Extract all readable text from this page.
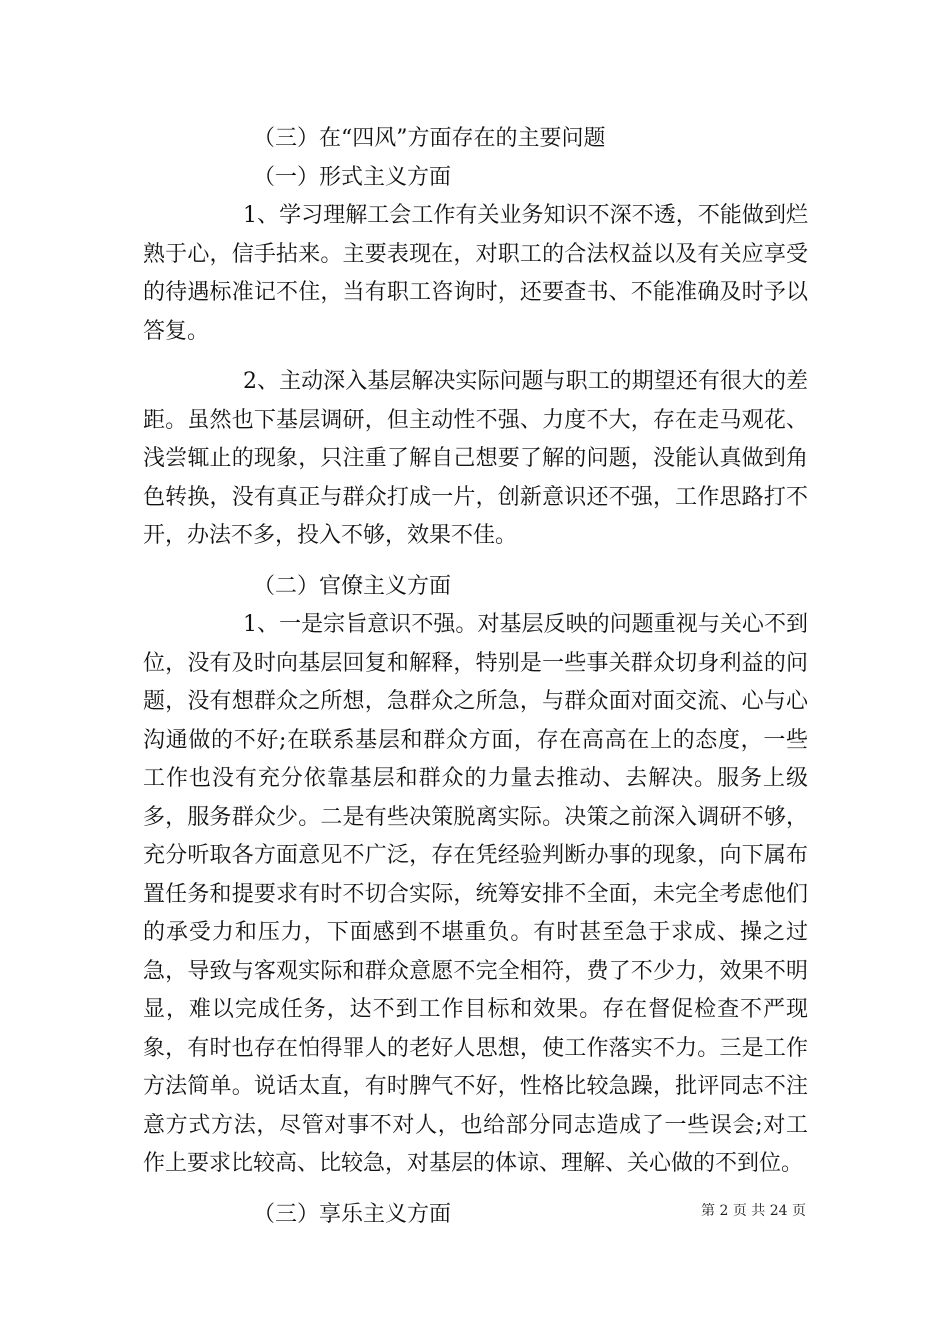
（三）在“四风”方面存在的主要问题

（一）形式主义方面

1、学习理解工会工作有关业务知识不深不透，不能做到烂熟于心，信手拈来。主要表现在，对职工的合法权益以及有关应享受的待遇标准记不住，当有职工咨询时，还要查书、不能准确及时予以答复。

2、主动深入基层解决实际问题与职工的期望还有很大的差距。虽然也下基层调研，但主动性不强、力度不大，存在走马观花、浅尝辄止的现象，只注重了解自己想要了解的问题，没能认真做到角色转换，没有真正与群众打成一片，创新意识还不强，工作思路打不开，办法不多，投入不够，效果不佳。

（二）官僚主义方面

1、一是宗旨意识不强。对基层反映的问题重视与关心不到位，没有及时向基层回复和解释，特别是一些事关群众切身利益的问题，没有想群众之所想，急群众之所急，与群众面对面交流、心与心沟通做的不好;在联系基层和群众方面，存在高高在上的态度，一些工作也没有充分依靠基层和群众的力量去推动、去解决。服务上级多，服务群众少。二是有些决策脱离实际。决策之前深入调研不够，充分听取各方面意见不广泛，存在凭经验判断办事的现象，向下属布置任务和提要求有时不切合实际，统筹安排不全面，未完全考虑他们的承受力和压力，下面感到不堪重负。有时甚至急于求成、操之过急，导致与客观实际和群众意愿不完全相符，费了不少力，效果不明显，难以完成任务，达不到工作目标和效果。存在督促检查不严现象，有时也存在怕得罪人的老好人思想，使工作落实不力。三是工作方法简单。说话太直，有时脾气不好，性格比较急躁，批评同志不注意方式方法，尽管对事不对人，也给部分同志造成了一些误会;对工作上要求比较高、比较急，对基层的体谅、理解、关心做的不到位。

（三）享乐主义方面	第 2 页 共 24 页
